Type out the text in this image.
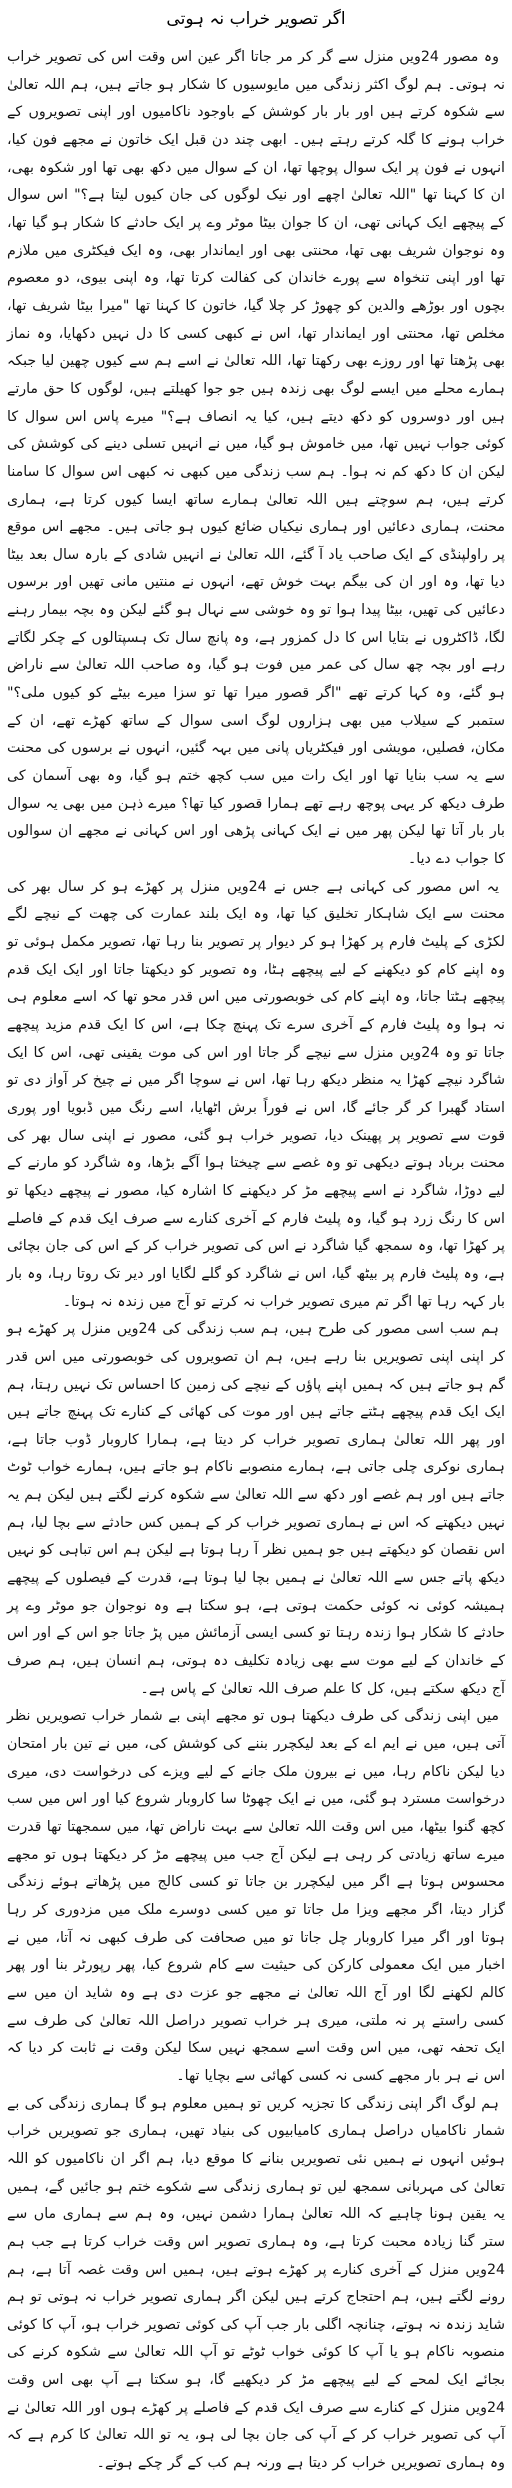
اگر تصویر خراب نہ ہوتی

وہ مصور 24ویں منزل سے گر کر مر جاتا اگر عین اس وقت اس کی تصویر خراب نہ ہوتی۔ ہم لوگ اکثر زندگی میں مایوسیوں کا شکار ہو جاتے ہیں، ہم اللہ تعالیٰ سے شکوہ کرتے ہیں اور بار بار کوشش کے باوجود ناکامیوں اور اپنی تصویروں کے خراب ہونے کا گلہ کرتے رہتے ہیں۔ ابھی چند دن قبل ایک خاتون نے مجھے فون کیا، انہوں نے فون پر ایک سوال پوچھا تھا، ان کے سوال میں دکھ بھی تھا اور شکوہ بھی، ان کا کہنا تھا "اللہ تعالیٰ اچھے اور نیک لوگوں کی جان کیوں لیتا ہے؟" اس سوال کے پیچھے ایک کہانی تھی، ان کا جوان بیٹا موٹر وے پر ایک حادثے کا شکار ہو گیا تھا، وہ نوجوان شریف بھی تھا، محنتی بھی اور ایماندار بھی، وہ ایک فیکٹری میں ملازم تھا اور اپنی تنخواہ سے پورے خاندان کی کفالت کرتا تھا، وہ اپنی بیوی، دو معصوم بچوں اور بوڑھے والدین کو چھوڑ کر چلا گیا، خاتون کا کہنا تھا "میرا بیٹا شریف تھا، مخلص تھا، محنتی اور ایماندار تھا، اس نے کبھی کسی کا دل نہیں دکھایا، وہ نماز بھی پڑھتا تھا اور روزے بھی رکھتا تھا، اللہ تعالیٰ نے اسے ہم سے کیوں چھین لیا جبکہ ہمارے محلے میں ایسے لوگ بھی زندہ ہیں جو جوا کھیلتے ہیں، لوگوں کا حق مارتے ہیں اور دوسروں کو دکھ دیتے ہیں، کیا یہ انصاف ہے؟" میرے پاس اس سوال کا کوئی جواب نہیں تھا، میں خاموش ہو گیا، میں نے انہیں تسلی دینے کی کوشش کی لیکن ان کا دکھ کم نہ ہوا۔ ہم سب زندگی میں کبھی نہ کبھی اس سوال کا سامنا کرتے ہیں، ہم سوچتے ہیں اللہ تعالیٰ ہمارے ساتھ ایسا کیوں کرتا ہے، ہماری محنت، ہماری دعائیں اور ہماری نیکیاں ضائع کیوں ہو جاتی ہیں۔ مجھے اس موقع پر راولپنڈی کے ایک صاحب یاد آ گئے، اللہ تعالیٰ نے انہیں شادی کے بارہ سال بعد بیٹا دیا تھا، وہ اور ان کی بیگم بہت خوش تھے، انہوں نے منتیں مانی تھیں اور برسوں دعائیں کی تھیں، بیٹا پیدا ہوا تو وہ خوشی سے نہال ہو گئے لیکن وہ بچہ بیمار رہنے لگا، ڈاکٹروں نے بتایا اس کا دل کمزور ہے، وہ پانچ سال تک ہسپتالوں کے چکر لگاتے رہے اور بچہ چھ سال کی عمر میں فوت ہو گیا، وہ صاحب اللہ تعالیٰ سے ناراض ہو گئے، وہ کہا کرتے تھے "اگر قصور میرا تھا تو سزا میرے بیٹے کو کیوں ملی؟" ستمبر کے سیلاب میں بھی ہزاروں لوگ اسی سوال کے ساتھ کھڑے تھے، ان کے مکان، فصلیں، مویشی اور فیکٹریاں پانی میں بہہ گئیں، انہوں نے برسوں کی محنت سے یہ سب بنایا تھا اور ایک رات میں سب کچھ ختم ہو گیا، وہ بھی آسمان کی طرف دیکھ کر یہی پوچھ رہے تھے ہمارا قصور کیا تھا؟ میرے ذہن میں بھی یہ سوال بار بار آتا تھا لیکن پھر میں نے ایک کہانی پڑھی اور اس کہانی نے مجھے ان سوالوں کا جواب دے دیا۔

یہ اس مصور کی کہانی ہے جس نے 24ویں منزل پر کھڑے ہو کر سال بھر کی محنت سے ایک شاہکار تخلیق کیا تھا، وہ ایک بلند عمارت کی چھت کے نیچے لگے لکڑی کے پلیٹ فارم پر کھڑا ہو کر دیوار پر تصویر بنا رہا تھا، تصویر مکمل ہوئی تو وہ اپنے کام کو دیکھنے کے لیے پیچھے ہٹا، وہ تصویر کو دیکھتا جاتا اور ایک ایک قدم پیچھے ہٹتا جاتا، وہ اپنے کام کی خوبصورتی میں اس قدر محو تھا کہ اسے معلوم ہی نہ ہوا وہ پلیٹ فارم کے آخری سرے تک پہنچ چکا ہے، اس کا ایک قدم مزید پیچھے جاتا تو وہ 24ویں منزل سے نیچے گر جاتا اور اس کی موت یقینی تھی، اس کا ایک شاگرد نیچے کھڑا یہ منظر دیکھ رہا تھا، اس نے سوچا اگر میں نے چیخ کر آواز دی تو استاد گھبرا کر گر جائے گا، اس نے فوراً برش اٹھایا، اسے رنگ میں ڈبویا اور پوری قوت سے تصویر پر پھینک دیا، تصویر خراب ہو گئی، مصور نے اپنی سال بھر کی محنت برباد ہوتے دیکھی تو وہ غصے سے چیختا ہوا آگے بڑھا، وہ شاگرد کو مارنے کے لیے دوڑا، شاگرد نے اسے پیچھے مڑ کر دیکھنے کا اشارہ کیا، مصور نے پیچھے دیکھا تو اس کا رنگ زرد ہو گیا، وہ پلیٹ فارم کے آخری کنارے سے صرف ایک قدم کے فاصلے پر کھڑا تھا، وہ سمجھ گیا شاگرد نے اس کی تصویر خراب کر کے اس کی جان بچائی ہے، وہ پلیٹ فارم پر بیٹھ گیا، اس نے شاگرد کو گلے لگایا اور دیر تک روتا رہا، وہ بار بار کہہ رہا تھا اگر تم میری تصویر خراب نہ کرتے تو آج میں زندہ نہ ہوتا۔

ہم سب اسی مصور کی طرح ہیں، ہم سب زندگی کی 24ویں منزل پر کھڑے ہو کر اپنی اپنی تصویریں بنا رہے ہیں، ہم ان تصویروں کی خوبصورتی میں اس قدر گم ہو جاتے ہیں کہ ہمیں اپنے پاؤں کے نیچے کی زمین کا احساس تک نہیں رہتا، ہم ایک ایک قدم پیچھے ہٹتے جاتے ہیں اور موت کی کھائی کے کنارے تک پہنچ جاتے ہیں اور پھر اللہ تعالیٰ ہماری تصویر خراب کر دیتا ہے، ہمارا کاروبار ڈوب جاتا ہے، ہماری نوکری چلی جاتی ہے، ہمارے منصوبے ناکام ہو جاتے ہیں، ہمارے خواب ٹوٹ جاتے ہیں اور ہم غصے اور دکھ سے اللہ تعالیٰ سے شکوہ کرنے لگتے ہیں لیکن ہم یہ نہیں دیکھتے کہ اس نے ہماری تصویر خراب کر کے ہمیں کس حادثے سے بچا لیا، ہم اس نقصان کو دیکھتے ہیں جو ہمیں نظر آ رہا ہوتا ہے لیکن ہم اس تباہی کو نہیں دیکھ پاتے جس سے اللہ تعالیٰ نے ہمیں بچا لیا ہوتا ہے، قدرت کے فیصلوں کے پیچھے ہمیشہ کوئی نہ کوئی حکمت ہوتی ہے، ہو سکتا ہے وہ نوجوان جو موٹر وے پر حادثے کا شکار ہوا زندہ رہتا تو کسی ایسی آزمائش میں پڑ جاتا جو اس کے اور اس کے خاندان کے لیے موت سے بھی زیادہ تکلیف دہ ہوتی، ہم انسان ہیں، ہم صرف آج دیکھ سکتے ہیں، کل کا علم صرف اللہ تعالیٰ کے پاس ہے۔

میں اپنی زندگی کی طرف دیکھتا ہوں تو مجھے اپنی بے شمار خراب تصویریں نظر آتی ہیں، میں نے ایم اے کے بعد لیکچرر بننے کی کوشش کی، میں نے تین بار امتحان دیا لیکن ناکام رہا، میں نے بیرون ملک جانے کے لیے ویزے کی درخواست دی، میری درخواست مسترد ہو گئی، میں نے ایک چھوٹا سا کاروبار شروع کیا اور اس میں سب کچھ گنوا بیٹھا، میں اس وقت اللہ تعالیٰ سے بہت ناراض تھا، میں سمجھتا تھا قدرت میرے ساتھ زیادتی کر رہی ہے لیکن آج جب میں پیچھے مڑ کر دیکھتا ہوں تو مجھے محسوس ہوتا ہے اگر میں لیکچرر بن جاتا تو کسی کالج میں پڑھاتے ہوئے زندگی گزار دیتا، اگر مجھے ویزا مل جاتا تو میں کسی دوسرے ملک میں مزدوری کر رہا ہوتا اور اگر میرا کاروبار چل جاتا تو میں صحافت کی طرف کبھی نہ آتا، میں نے اخبار میں ایک معمولی کارکن کی حیثیت سے کام شروع کیا، پھر رپورٹر بنا اور پھر کالم لکھنے لگا اور آج اللہ تعالیٰ نے مجھے جو عزت دی ہے وہ شاید ان میں سے کسی راستے پر نہ ملتی، میری ہر خراب تصویر دراصل اللہ تعالیٰ کی طرف سے ایک تحفہ تھی، میں اس وقت اسے سمجھ نہیں سکا لیکن وقت نے ثابت کر دیا کہ اس نے ہر بار مجھے کسی نہ کسی کھائی سے بچایا تھا۔

ہم لوگ اگر اپنی زندگی کا تجزیہ کریں تو ہمیں معلوم ہو گا ہماری زندگی کی بے شمار ناکامیاں دراصل ہماری کامیابیوں کی بنیاد تھیں، ہماری جو تصویریں خراب ہوئیں انہوں نے ہمیں نئی تصویریں بنانے کا موقع دیا، ہم اگر ان ناکامیوں کو اللہ تعالیٰ کی مہربانی سمجھ لیں تو ہماری زندگی سے شکوے ختم ہو جائیں گے، ہمیں یہ یقین ہونا چاہیے کہ اللہ تعالیٰ ہمارا دشمن نہیں، وہ ہم سے ہماری ماں سے ستر گنا زیادہ محبت کرتا ہے، وہ ہماری تصویر اس وقت خراب کرتا ہے جب ہم 24ویں منزل کے آخری کنارے پر کھڑے ہوتے ہیں، ہمیں اس وقت غصہ آتا ہے، ہم رونے لگتے ہیں، ہم احتجاج کرتے ہیں لیکن اگر ہماری تصویر خراب نہ ہوتی تو ہم شاید زندہ نہ ہوتے، چنانچہ اگلی بار جب آپ کی کوئی تصویر خراب ہو، آپ کا کوئی منصوبہ ناکام ہو یا آپ کا کوئی خواب ٹوٹے تو آپ اللہ تعالیٰ سے شکوہ کرنے کی بجائے ایک لمحے کے لیے پیچھے مڑ کر دیکھیے گا، ہو سکتا ہے آپ بھی اس وقت 24ویں منزل کے کنارے سے صرف ایک قدم کے فاصلے پر کھڑے ہوں اور اللہ تعالیٰ نے آپ کی تصویر خراب کر کے آپ کی جان بچا لی ہو، یہ تو اللہ تعالیٰ کا کرم ہے کہ وہ ہماری تصویریں خراب کر دیتا ہے ورنہ ہم کب کے گر چکے ہوتے۔
